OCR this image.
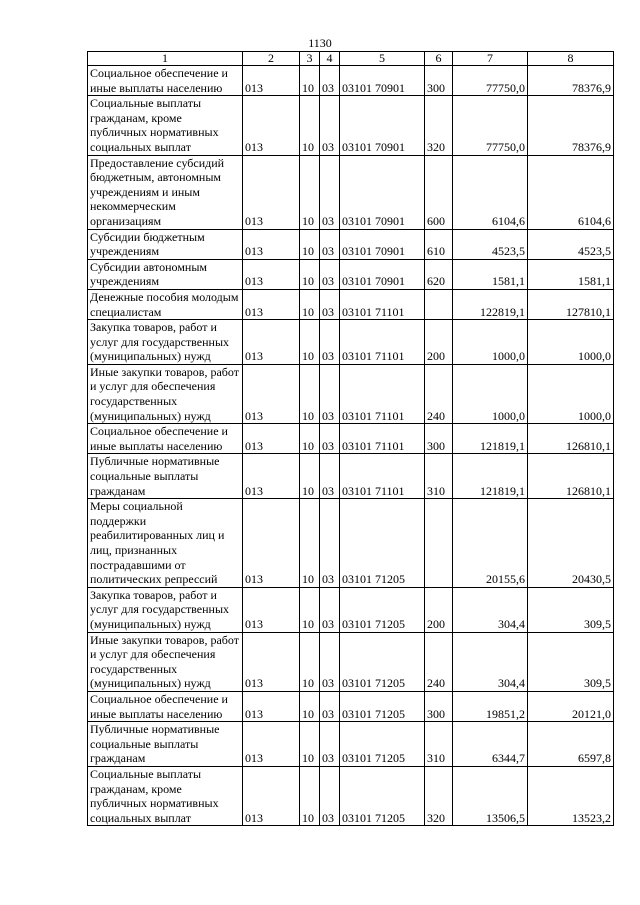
1130
1	2	3	4	5	6	7	8
Социальное обеспечение и иные выплаты населению	013	10	03	03101 70901	300	77750,0	78376,9
Социальные выплаты гражданам, кроме публичных нормативных социальных выплат	013	10	03	03101 70901	320	77750,0	78376,9
Предоставление субсидий бюджетным, автономным учреждениям и иным некоммерческим организациям	013	10	03	03101 70901	600	6104,6	6104,6
Субсидии бюджетным учреждениям	013	10	03	03101 70901	610	4523,5	4523,5
Субсидии автономным учреждениям	013	10	03	03101 70901	620	1581,1	1581,1
Денежные пособия молодым специалистам	013	10	03	03101 71101		122819,1	127810,1
Закупка товаров, работ и услуг для государственных (муниципальных) нужд	013	10	03	03101 71101	200	1000,0	1000,0
Иные закупки товаров, работ и услуг для обеспечения государственных (муниципальных) нужд	013	10	03	03101 71101	240	1000,0	1000,0
Социальное обеспечение и иные выплаты населению	013	10	03	03101 71101	300	121819,1	126810,1
Публичные нормативные социальные выплаты гражданам	013	10	03	03101 71101	310	121819,1	126810,1
Меры социальной поддержки реабилитированных лиц и лиц, признанных пострадавшими от политических репрессий	013	10	03	03101 71205		20155,6	20430,5
Закупка товаров, работ и услуг для государственных (муниципальных) нужд	013	10	03	03101 71205	200	304,4	309,5
Иные закупки товаров, работ и услуг для обеспечения государственных (муниципальных) нужд	013	10	03	03101 71205	240	304,4	309,5
Социальное обеспечение и иные выплаты населению	013	10	03	03101 71205	300	19851,2	20121,0
Публичные нормативные социальные выплаты гражданам	013	10	03	03101 71205	310	6344,7	6597,8
Социальные выплаты гражданам, кроме публичных нормативных социальных выплат	013	10	03	03101 71205	320	13506,5	13523,2
